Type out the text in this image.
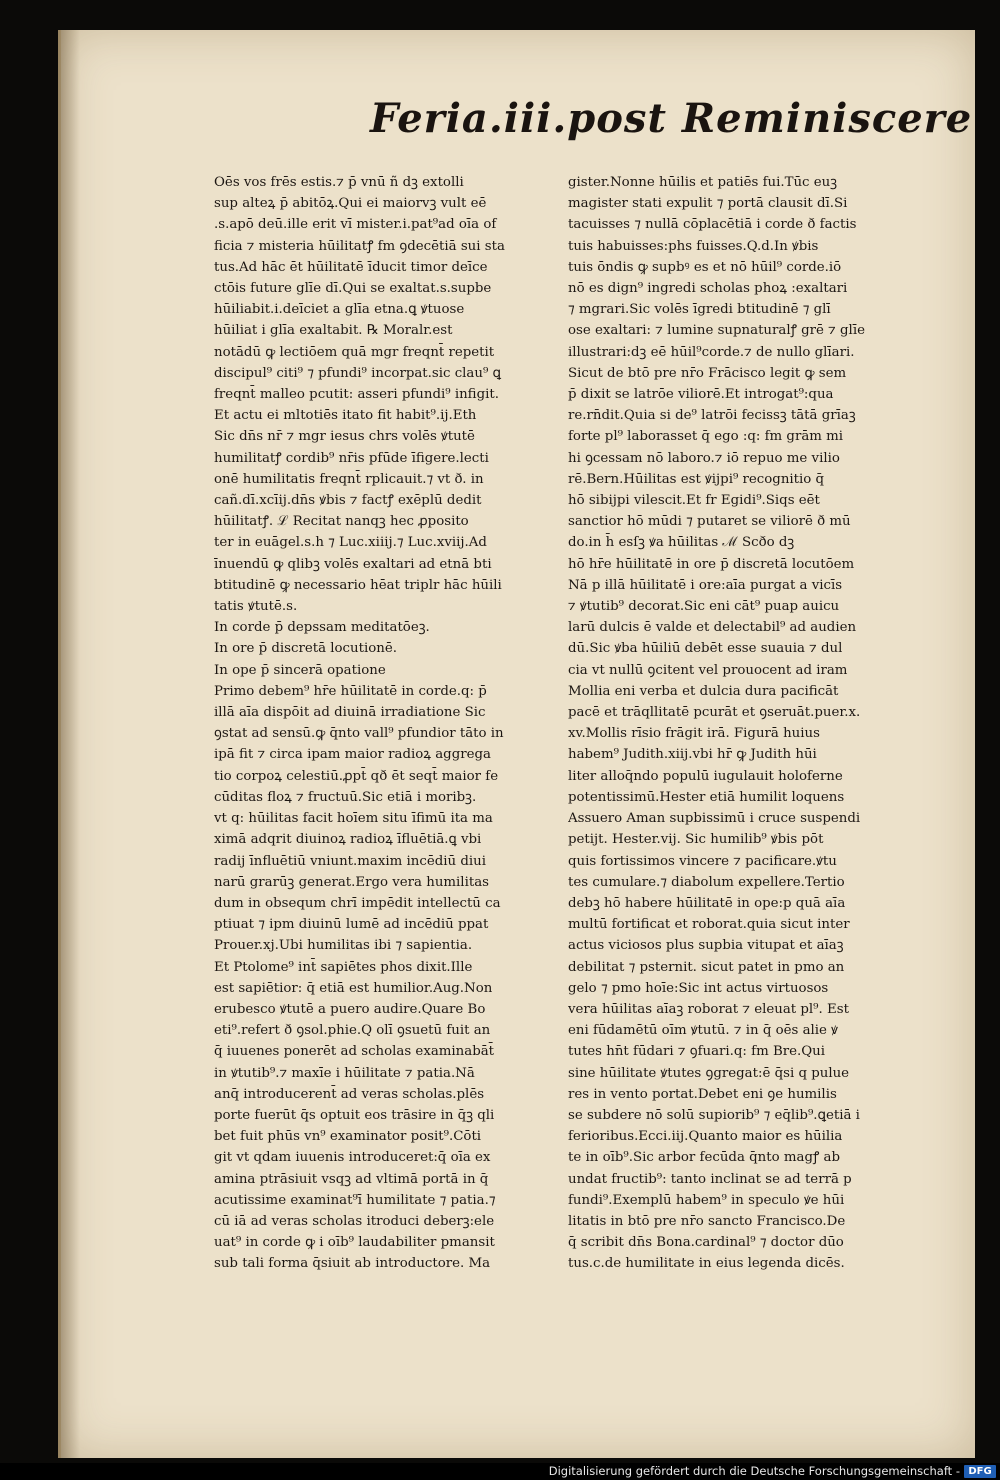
Feria.iii.post Reminiscere
Oēs vos frēs estis.⁊ p̄ vnū ñ dꝫ extolli
sup alteꝝ p̄ abitōꝝ.Qui ei maiorvꝫ vult eē
.s.apō deū.ille erit vī mister.i.pat⁹ad oīa of
ficia ⁊ misteria hūilitatꝭ fm ꝯdecētiā sui sta
tus.Ad hāc ēt hūilitatē īducit timor deīce
ctōis future glīe dī.Qui se exaltat.s.supbe
hūiliabit.i.deīciet a glīa etna.ꝗ ꝟtuose
hūiliat i glīa exaltabit. ℞ Moralr.est
notādū ꝙ lectiōem quā mgr freqnt̄ repetit
discipul⁹ citi⁹ ⁊ pfundi⁹ incorpat.sic clau⁹ ꝗ
freqnt̄ malleo pcutit: asseri pfundi⁹ infigit.
Et actu ei mltotiēs itato fit habit⁹.ij.Eth
Sic dn̄s nr̄ ⁊ mgr iesus chrs volēs ꝟtutē
humilitatꝭ cordib⁹ nr̄is pfūde īfigere.lecti
onē humilitatis freqnt̄ rplicauit.⁊ vt ð. in
cañ.dī.xcīij.dn̄s ꝟbis ⁊ factꝭ exēplū dedit
hūilitatꝭ. ℒ Recitat nanqꝫ hec ꝓposito
ter in euāgel.s.h ⁊ Luc.xiiij.⁊ Luc.xviij.Ad
īnuendū ꝙ qlibꝫ volēs exaltari ad etnā bti
btitudinē ꝙ necessario hēat triplr hāc hūili
tatis ꝟtutē.s.
In corde p̄ depssam meditatōeꝫ.
In ore p̄ discretā locutionē.
In ope p̄ sincerā opatione
Primo debem⁹ hr̄e hūilitatē in corde.q: p̄
illā aīa dispōit ad diuinā irradiatione Sic
ꝯstat ad sensū.ꝙ q̄nto vall⁹ pfundior tāto in
ipā fit ⁊ circa ipam maior radioꝝ aggrega
tio corpoꝝ celestiū.ꝓpt̄ qð ēt seqt̄ maior fe
cūditas floꝝ ⁊ fructuū.Sic etiā i moribꝫ.
vt q: hūilitas facit hoīem situ īfimū ita ma
ximā adqrit diuinoꝝ radioꝝ īfluētiā.ꝗ vbi
radij īnfluētiū vniunt.maxim incēdiū diui
narū grarūꝫ generat.Ergo vera humilitas
dum in obsequm chrī impēdit intellectū ca
ptiuat ⁊ ipm diuinū lumē ad incēdiū ppat
Prouer.xj.Ubi humilitas ibi ⁊ sapientia.
Et Ptolome⁹ int̄ sapiētes phos dixit.Ille
est sapiētior: q̄ etiā est humilior.Aug.Non
erubesco ꝟtutē a puero audire.Quare Bo
eti⁹.refert ð ꝯsol.phie.Q olī ꝯsuetū fuit an
q̄ iuuenes ponerēt ad scholas examinabāt̄
in ꝟtutib⁹.⁊ maxīe i hūilitate ⁊ patia.Nā
anq̄ introducerent̄ ad veras scholas.plēs
porte fuerūt q̄s optuit eos trāsire in q̄ꝫ qli
bet fuit phūs vn⁹ examinator posit⁹.Cōti
git vt qdam iuuenis introduceret:q̄ oīa ex
amina ptrāsiuit vsqꝫ ad vltimā portā in q̄
acutissime examinat⁹ī humilitate ⁊ patia.⁊
cū iā ad veras scholas itroduci deberꝫ:ele
uat⁹ in corde ꝙ i oīb⁹ laudabiliter pmansit
sub tali forma q̄siuit ab introductore. Ma
gister.Nonne hūilis et patiēs fui.Tūc euꝫ
magister stati expulit ⁊ portā clausit dī.Si
tacuisses ⁊ nullā cōplacētiā i corde ð factis
tuis habuisses:phs fuisses.Q.d.In ꝟbis
tuis ōndis ꝙ supbꝰ es et nō hūil⁹ corde.iō
nō es dign⁹ ingredi scholas phoꝝ :exaltari
⁊ mgrari.Sic volēs īgredi btitudinē ⁊ glī
ose exaltari: ⁊ lumine supnaturalꝭ grē ⁊ glīe
illustrari:dꝫ eē hūil⁹corde.⁊ de nullo glīari.
Sicut de btō pre nr̄o Frācisco legit ꝙ sem
p̄ dixit se latrōe viliorē.Et introgat⁹:qua
re.rn̄dit.Quia si de⁹ latrōi fecissꝫ tātā grīaꝫ
forte pl⁹ laborasset q̄ ego :q: fm grām mi
hi ꝯcessam nō laboro.⁊ iō repuo me vilio
rē.Bern.Hūilitas est ꝟijpi⁹ recognitio q̄
hō sibijpi vilescit.Et fr Egidi⁹.Siqs eēt
sanctior hō mūdi ⁊ putaret se viliorē ð mū
do.in h̄ esſꝫ ꝟa hūilitas ℳ Scðo dꝫ
hō hr̄e hūilitatē in ore p̄ discretā locutōem
Nā p illā hūilitatē i ore:aīa purgat a vicīs
⁊ ꝟtutib⁹ decorat.Sic eni cāt⁹ puap auicu
larū dulcis ē valde et delectabil⁹ ad audien
dū.Sic ꝟba hūiliū debēt esse suauia ⁊ dul
cia vt nullū ꝯcitent vel prouocent ad iram
Mollia eni verba et dulcia dura pacificāt
pacē et trāqllitatē pcurāt et ꝯseruāt.puer.x.
xv.Mollis rīsio frāgit irā. Figurā huius
habem⁹ Judith.xiij.vbi hr̄ ꝙ Judith hūi
liter alloq̄ndo populū iugulauit holoferne
potentissimū.Hester etiā humilit loquens
Assuero Aman supbissimū i cruce suspendi
petijt. Hester.vij. Sic humilib⁹ ꝟbis pōt
quis fortissimos vincere ⁊ pacificare.ꝟtu
tes cumulare.⁊ diabolum expellere.Tertio
debꝫ hō habere hūilitatē in ope:p quā aīa
multū fortificat et roborat.quia sicut inter
actus viciosos plus supbia vitupat et aīaꝫ
debilitat ⁊ psternit. sicut patet in pmo an
gelo ⁊ pmo hoīe:Sic int actus virtuosos
vera hūilitas aīaꝫ roborat ⁊ eleuat pl⁹. Est
eni fūdamētū oīm ꝟtutū. ⁊ in q̄ oēs alie ꝟ
tutes hn̄t fūdari ⁊ ꝯfuari.q: fm Bre.Qui
sine hūilitate ꝟtutes ꝯgregat:ē q̄si q pulue
res in vento portat.Debet eni ꝯe humilis
se subdere nō solū supiorib⁹ ⁊ eq̄lib⁹.ꝗetiā i
ferioribus.Ecci.iij.Quanto maior es hūilia
te in oīb⁹.Sic arbor fecūda q̄nto magꝭ ab
undat fructib⁹: tanto inclinat se ad terrā p
fundi⁹.Exemplū habem⁹ in speculo ꝟe hūi
litatis in btō pre nr̄o sancto Francisco.De
q̄ scribit dn̄s Bona.cardinal⁹ ⁊ doctor dūo
tus.c.de humilitate in eius legenda dicēs.
Digitalisierung gefördert durch die Deutsche Forschungsgemeinschaft - DFG
